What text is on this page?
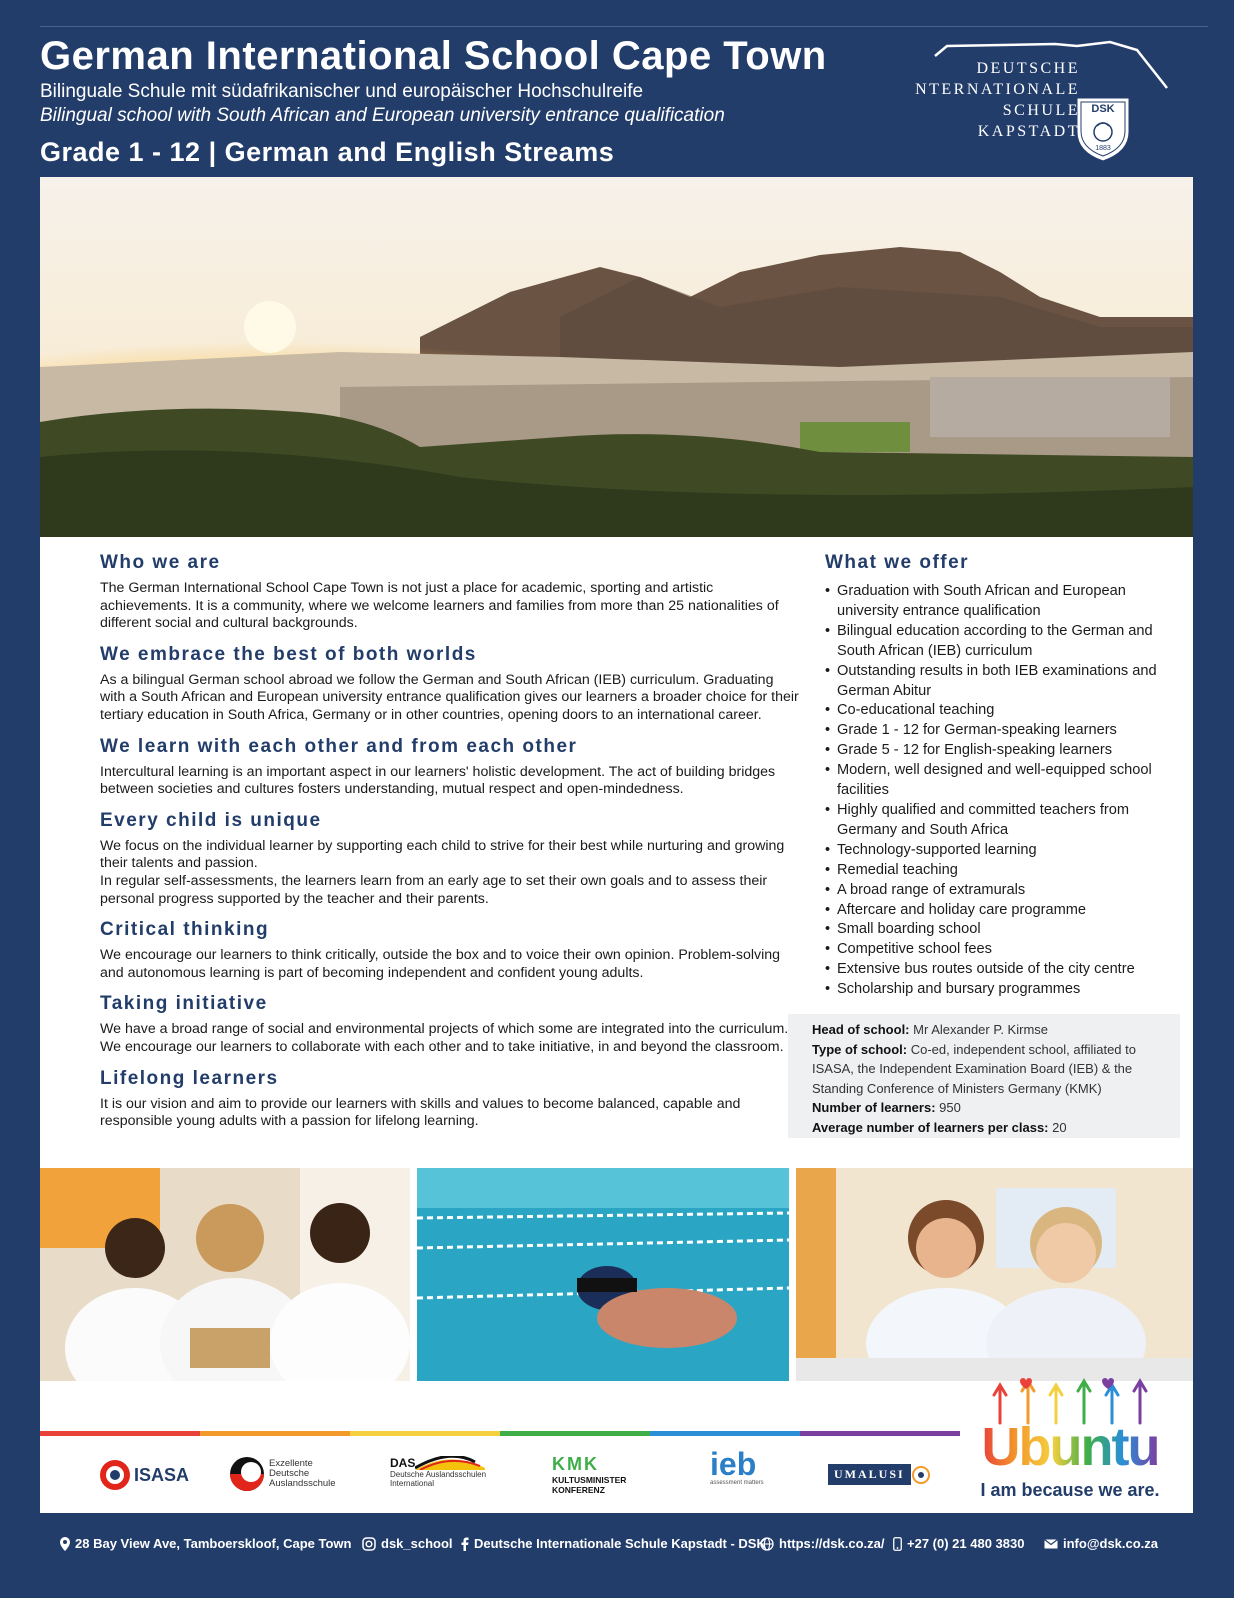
German International School Cape Town
Bilinguale Schule mit südafrikanischer und europäischer Hochschulreife
Bilingual school with South African and European university entrance qualification
Grade 1 - 12 | German and English Streams
DEUTSCHE
NTERNATIONALE
SCHULE
KAPSTADT
DSK
1883
Who we are

The German International School Cape Town is not just a place for academic, sporting and artistic achievements. It is a community, where we welcome learners and families from more than 25 nationalities of different social and cultural backgrounds.

We embrace the best of both worlds

As a bilingual German school abroad we follow the German and South African (IEB) curriculum. Graduating with a South African and European university entrance qualification gives our learners a broader choice for their tertiary education in South Africa, Germany or in other countries, opening doors to an international career.

We learn with each other and from each other

Intercultural learning is an important aspect in our learners' holistic development. The act of building bridges between societies and cultures fosters understanding, mutual respect and open-mindedness.

Every child is unique

We focus on the individual learner by supporting each child to strive for their best while nurturing and growing their talents and passion.

In regular self-assessments, the learners learn from an early age to set their own goals and to assess their personal progress supported by the teacher and their parents.

Critical thinking

We encourage our learners to think critically, outside the box and to voice their own opinion. Problem-solving and autonomous learning is part of becoming independent and confident young adults.

Taking initiative

We have a broad range of social and environmental projects of which some are integrated into the curriculum. We encourage our learners to collaborate with each other and to take initiative, in and beyond the classroom.

Lifelong learners

It is our vision and aim to provide our learners with skills and values to become balanced, capable and responsible young adults with a passion for lifelong learning.

What we offer
• Graduation with South African and European university entrance qualification
• Bilingual education according to the German and South African (IEB) curriculum
• Outstanding results in both IEB examinations and German Abitur
• Co-educational teaching
• Grade 1 - 12 for German-speaking learners
• Grade 5 - 12 for English-speaking learners
• Modern, well designed and well-equipped school facilities
• Highly qualified and committed teachers from Germany and South Africa
• Technology-supported learning
• Remedial teaching
• A broad range of extramurals
• Aftercare and holiday care programme
• Small boarding school
• Competitive school fees
• Extensive bus routes outside of the city centre
• Scholarship and bursary programmes
Head of school: Mr Alexander P. Kirmse
Type of school: Co-ed, independent school, affiliated to ISASA, the Independent Examination Board (IEB) & the Standing Conference of Ministers Germany (KMK)
Number of learners: 950
Average number of learners per class: 20
ISASA
Exzellente
Deutsche
Auslandsschule
DAS
Deutsche Auslandsschulen
International
KMK
KULTUSMINISTER
KONFERENZ
ieb
assessment matters
UMALUSI Ubuntu
I am because we are.
28 Bay View Ave, Tamboerskloof, Cape Town dsk_school Deutsche Internationale Schule Kapstadt - DSK https://dsk.co.za/ +27 (0) 21 480 3830	info@dsk.co.za
